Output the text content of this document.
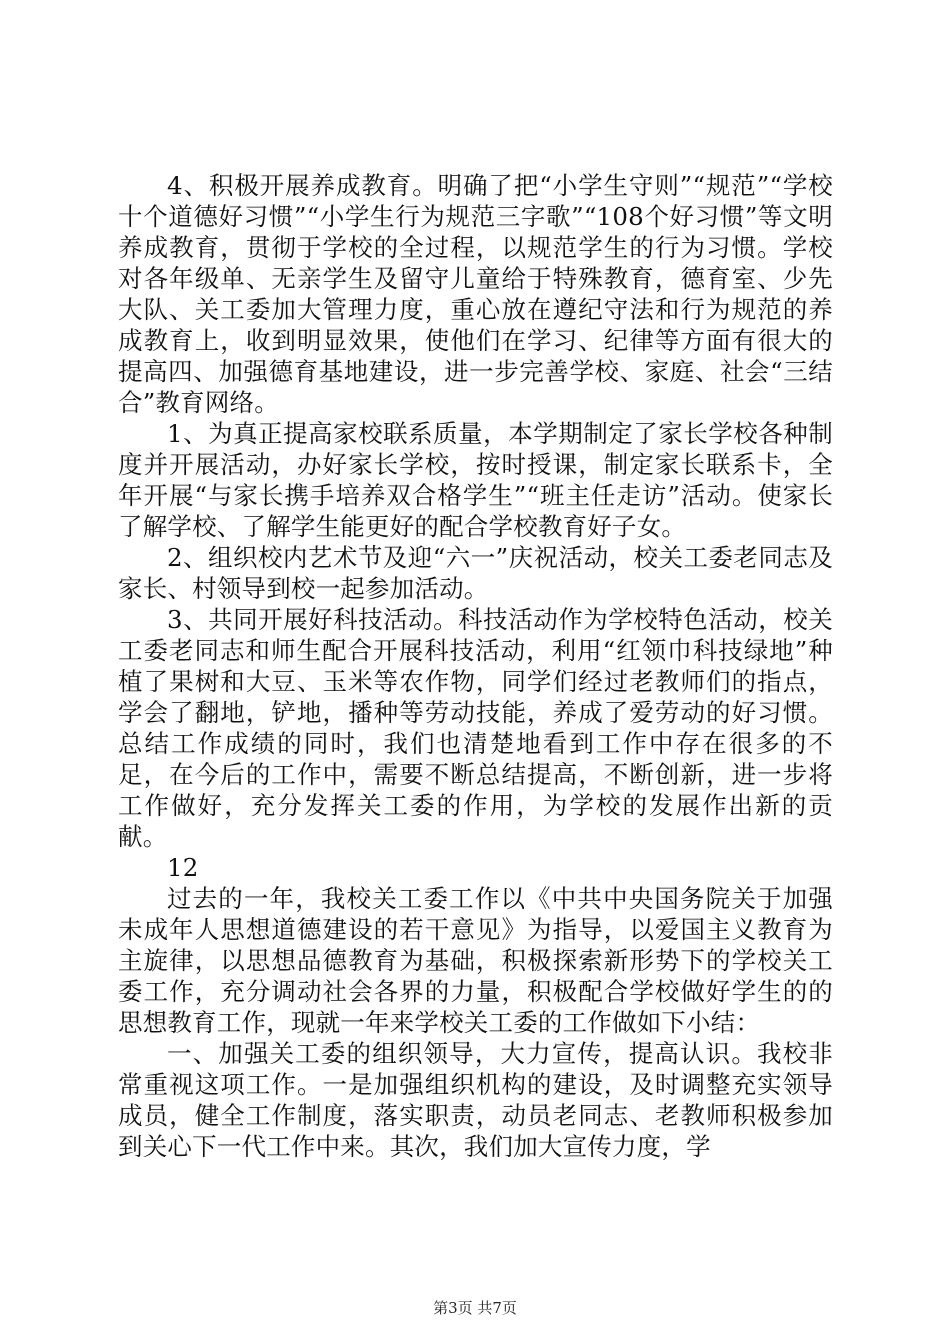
4、积极开展养成教育。明确了把“小学生守则”“规范”“学校十个道德好习惯”“小学生行为规范三字歌”“108个好习惯”等文明养成教育，贯彻于学校的全过程，以规范学生的行为习惯。学校对各年级单、无亲学生及留守儿童给于特殊教育，德育室、少先大队、关工委加大管理力度，重心放在遵纪守法和行为规范的养成教育上，收到明显效果，使他们在学习、纪律等方面有很大的提高四、加强德育基地建设，进一步完善学校、家庭、社会“三结合”教育网络。

1、为真正提高家校联系质量，本学期制定了家长学校各种制度并开展活动，办好家长学校，按时授课，制定家长联系卡，全年开展“与家长携手培养双合格学生”“班主任走访”活动。使家长了解学校、了解学生能更好的配合学校教育好子女。

2、组织校内艺术节及迎“六一”庆祝活动，校关工委老同志及家长、村领导到校一起参加活动。

3、共同开展好科技活动。科技活动作为学校特色活动，校关工委老同志和师生配合开展科技活动，利用“红领巾科技绿地”种植了果树和大豆、玉米等农作物，同学们经过老教师们的指点，学会了翻地，铲地，播种等劳动技能，养成了爱劳动的好习惯。总结工作成绩的同时，我们也清楚地看到工作中存在很多的不足，在今后的工作中，需要不断总结提高，不断创新，进一步将工作做好，充分发挥关工委的作用，为学校的发展作出新的贡献。

12

过去的一年，我校关工委工作以《中共中央国务院关于加强未成年人思想道德建设的若干意见》为指导，以爱国主义教育为主旋律，以思想品德教育为基础，积极探索新形势下的学校关工委工作，充分调动社会各界的力量，积极配合学校做好学生的的思想教育工作，现就一年来学校关工委的工作做如下小结：

一、加强关工委的组织领导，大力宣传，提高认识。我校非常重视这项工作。一是加强组织机构的建设，及时调整充实领导成员，健全工作制度，落实职责，动员老同志、老教师积极参加到关心下一代工作中来。其次，我们加大宣传力度，学

第3页 共7页
